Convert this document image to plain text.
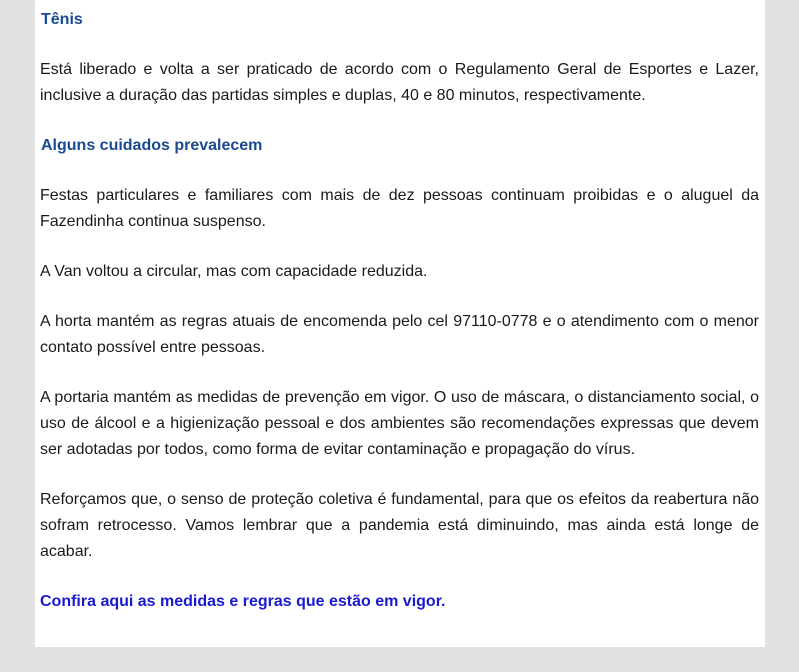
Tênis

Está liberado e volta a ser praticado de acordo com o Regulamento Geral de Esportes e Lazer, inclusive a duração das partidas simples e duplas, 40 e 80 minutos, respectivamente.

Alguns cuidados prevalecem

Festas particulares e familiares com mais de dez pessoas continuam proibidas e o aluguel da Fazendinha continua suspenso.

A Van voltou a circular, mas com capacidade reduzida.

A horta mantém as regras atuais de encomenda pelo cel 97110-0778 e o atendimento com o menor contato possível entre pessoas.

A portaria mantém as medidas de prevenção em vigor. O uso de máscara, o distanciamento social, o uso de álcool e a higienização pessoal e dos ambientes são recomendações expressas que devem ser adotadas por todos, como forma de evitar contaminação e propagação do vírus.

Reforçamos que, o senso de proteção coletiva é fundamental, para que os efeitos da reabertura não sofram retrocesso. Vamos lembrar que a pandemia está diminuindo, mas ainda está longe de acabar.

Confira aqui as medidas e regras que estão em vigor.
